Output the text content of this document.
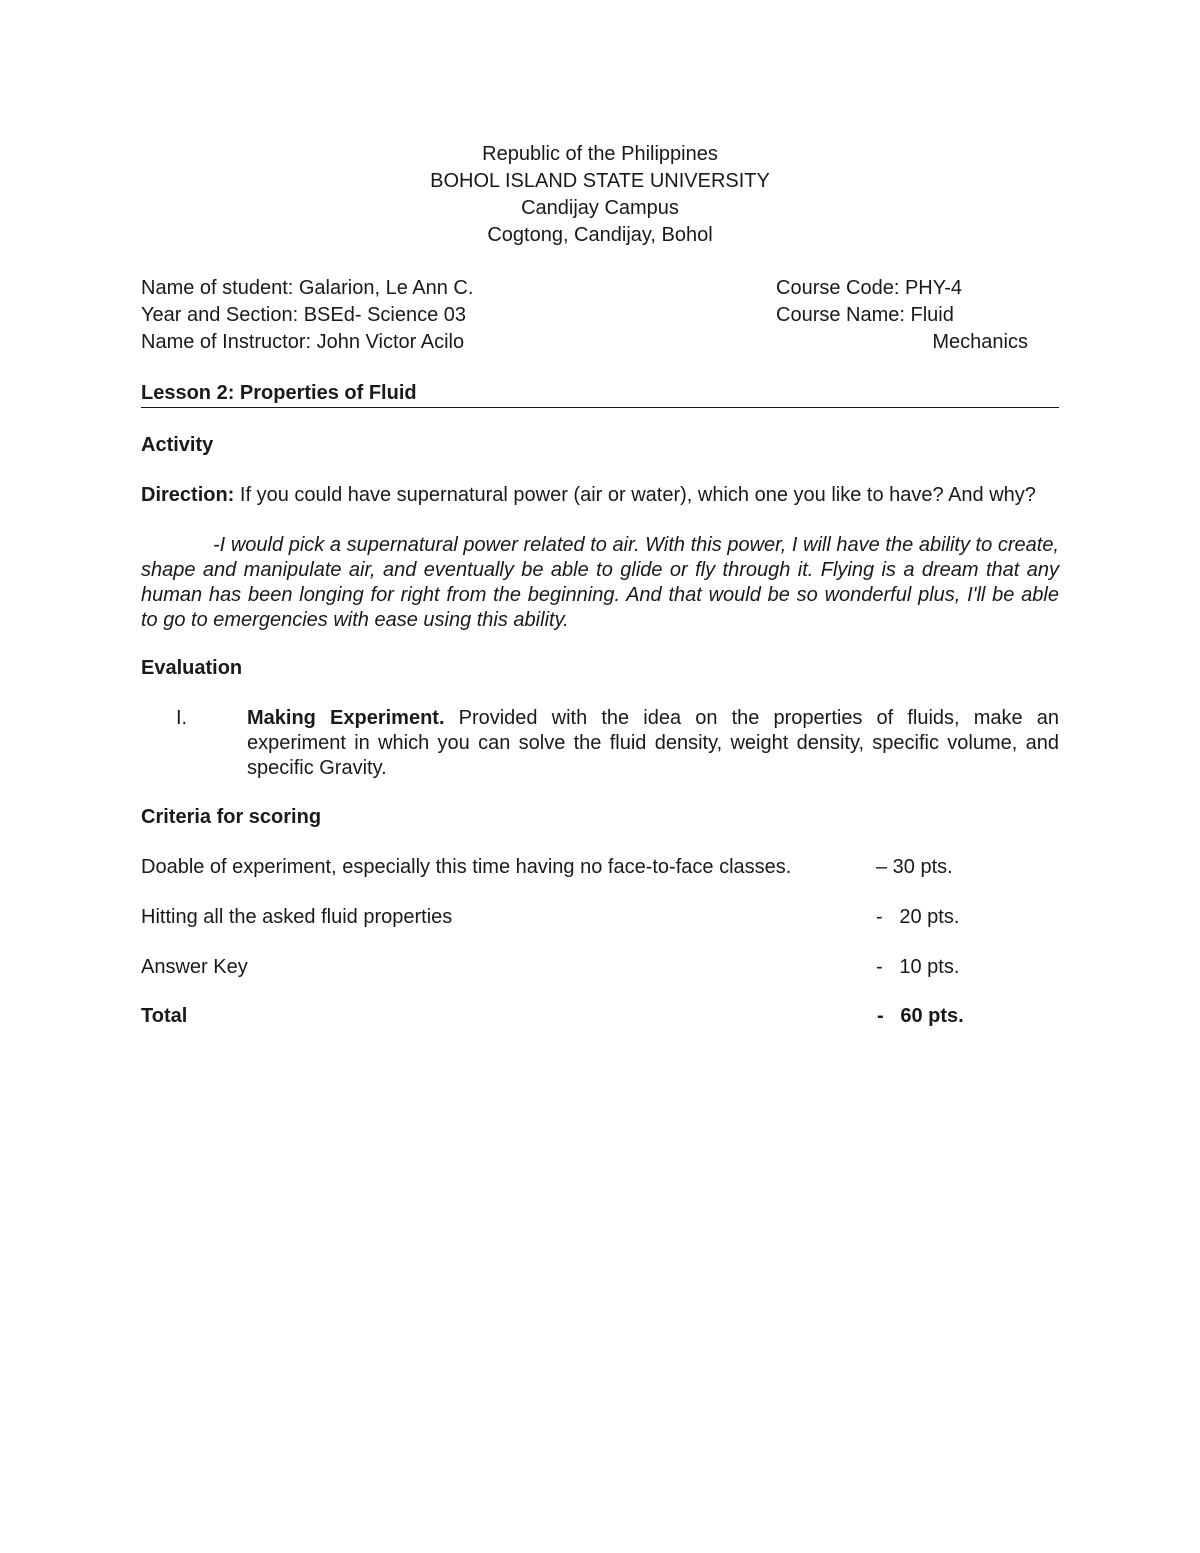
Republic of the Philippines
BOHOL ISLAND STATE UNIVERSITY
Candijay Campus
Cogtong, Candijay, Bohol
Name of student: Galarion, Le Ann C.
Year and Section: BSEd- Science 03
Name of Instructor: John Victor Acilo
Course Code: PHY-4
Course Name: Fluid
Mechanics
Lesson 2: Properties of Fluid
Activity
Direction: If you could have supernatural power (air or water), which one you like to have? And why?
-I would pick a supernatural power related to air. With this power, I will have the ability to create, shape and manipulate air, and eventually be able to glide or fly through it. Flying is a dream that any human has been longing for right from the beginning. And that would be so wonderful plus, I'll be able to go to emergencies with ease using this ability.
Evaluation
I.	Making Experiment. Provided with the idea on the properties of fluids, make an experiment in which you can solve the fluid density, weight density, specific volume, and specific Gravity.
Criteria for scoring
Doable of experiment, especially this time having no face-to-face classes.	– 30 pts.
Hitting all the asked fluid properties	-   20 pts.
Answer Key	-   10 pts.
Total	-   60 pts.
